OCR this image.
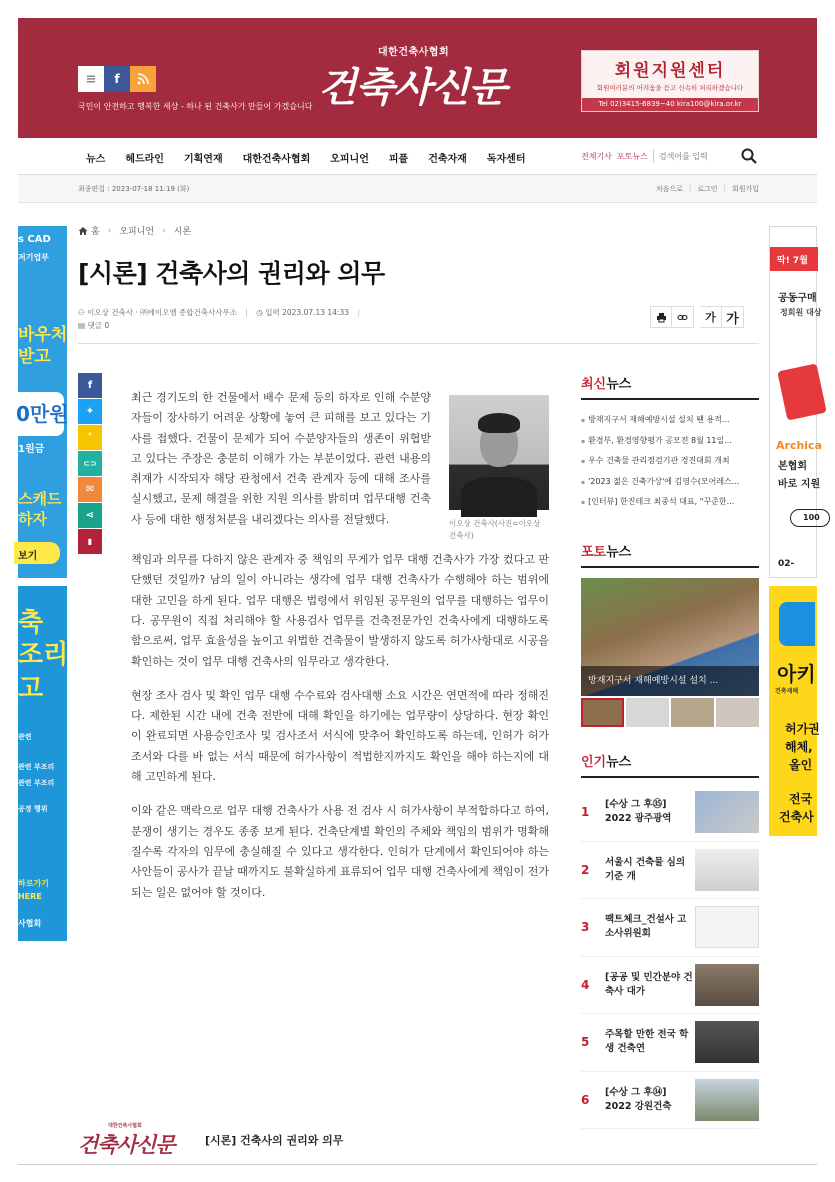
≡	f
국민이 안전하고 행복한 세상 - 하나 된 건축사가 만들어 가겠습니다
대한건축사협회
건축사신문	회원지원센터
회원여러분의 어려움을 듣고 신속히 처리하겠습니다
Tel 02)3415-6839~40 kira100@kira.or.kr
뉴스 헤드라인 기획연재 대한건축사협회 오피니언 피플 건축자재 독자센터	전체기사 포토뉴스
검색어를 입력
최종편집 : 2023-07-18 11:19 (화)	처음으로 | 로그인 | 회원가입
s CAD
저기업부
바우처
받고
0만원
1원금
스캐드
하자
보기
축
조리
고
관련
관련 부조리
관련 부조리
공정 행위
하로가기
HERE
사협회
딱! 7월
공동구매
정회원 대상
Archica
본협회
바로 지원
100
02-
아키
건축재해
허가권
해체,
올인
전국
건축사
홈 › 오피니언 › 시론
[시론] 건축사의 권리와 의무
⚇ 이오상 건축사 · ㈜에이오엠 종합건축사사무소 | ◷ 입력 2023.07.13 14:33 |
▤ 댓글 0
가 가
f
✦
❜
⊂⊃
✉
⋖
▮

최근 경기도의 한 건물에서 배수 문제 등의 하자로 인해 수분양자들이 장사하기 어려운 상황에 놓여 큰 피해를 보고 있다는 기사를 접했다. 건물이 문제가 되어 수분양자들의 생존이 위협받고 있다는 주장은 충분히 이해가 가는 부분이었다. 관련 내용의 취재가 시작되자 해당 관청에서 건축 관계자 등에 대해 조사를 실시했고, 문제 해결을 위한 지원 의사를 밝히며 업무대행 건축사 등에 대한 행정처분을 내리겠다는 의사를 전달했다.

책임과 의무를 다하지 않은 관계자 중 책임의 무게가 업무 대행 건축사가 가장 컸다고 판단했던 것일까? 남의 일이 아니라는 생각에 업무 대행 건축사가 수행해야 하는 범위에 대한 고민을 하게 된다. 업무 대행은 법령에서 위임된 공무원의 업무를 대행하는 업무이다. 공무원이 직접 처리해야 할 사용검사 업무를 건축전문가인 건축사에게 대행하도록 함으로써, 업무 효율성을 높이고 위법한 건축물이 발생하지 않도록 허가사항대로 시공을 확인하는 것이 업무 대행 건축사의 임무라고 생각한다.

현장 조사 검사 및 확인 업무 대행 수수료와 검사대행 소요 시간은 연면적에 따라 정해진다. 제한된 시간 내에 건축 전반에 대해 확인을 하기에는 업무량이 상당하다. 현장 확인이 완료되면 사용승인조사 및 검사조서 서식에 맞추어 확인하도록 하는데, 인허가 허가조서와 다를 바 없는 서식 때문에 허가사항이 적법한지까지도 확인을 해야 하는지에 대해 고민하게 된다.

이와 같은 맥락으로 업무 대행 건축사가 사용 전 검사 시 허가사항이 부적합하다고 하여, 분쟁이 생기는 경우도 종종 보게 된다. 건축단계별 확인의 주체와 책임의 범위가 명확해질수록 각자의 임무에 충실해질 수 있다고 생각한다. 인허가 단계에서 확인되어야 하는 사안들이 공사가 끝날 때까지도 불확실하게 표류되어 업무 대행 건축사에게 책임이 전가되는 일은 없어야 할 것이다.

이오상 건축사(사진=이오상 건축사)
최신뉴스
▪ 방재지구서 재해예방시설 설치 땐 용적...
▪ 환경부, 환경영향평가 공모전 8월 11일...
▪ 우수 건축물 관리점검기관 경진대회 개최
▪ '2023 젊은 건축가상'에 김영수(모어레스...
▪ [인터뷰] 한진테크 최중석 대표, "꾸준한...
포토뉴스
방재지구서 재해예방시설 설치 ...
인기뉴스
1
[수상 그 후㉟] 2022 광주광역
2
서울시 건축물 심의기준 개
3
팩트체크_건설사 고소사위원회
4
[공공 및 민간분야 건축사 대가
5
주목할 만한 전국 학생 건축연
6
[수상 그 후㉞] 2022 강원건축
대한건축사협회
건축사신문	[시론] 건축사의 권리와 의무
